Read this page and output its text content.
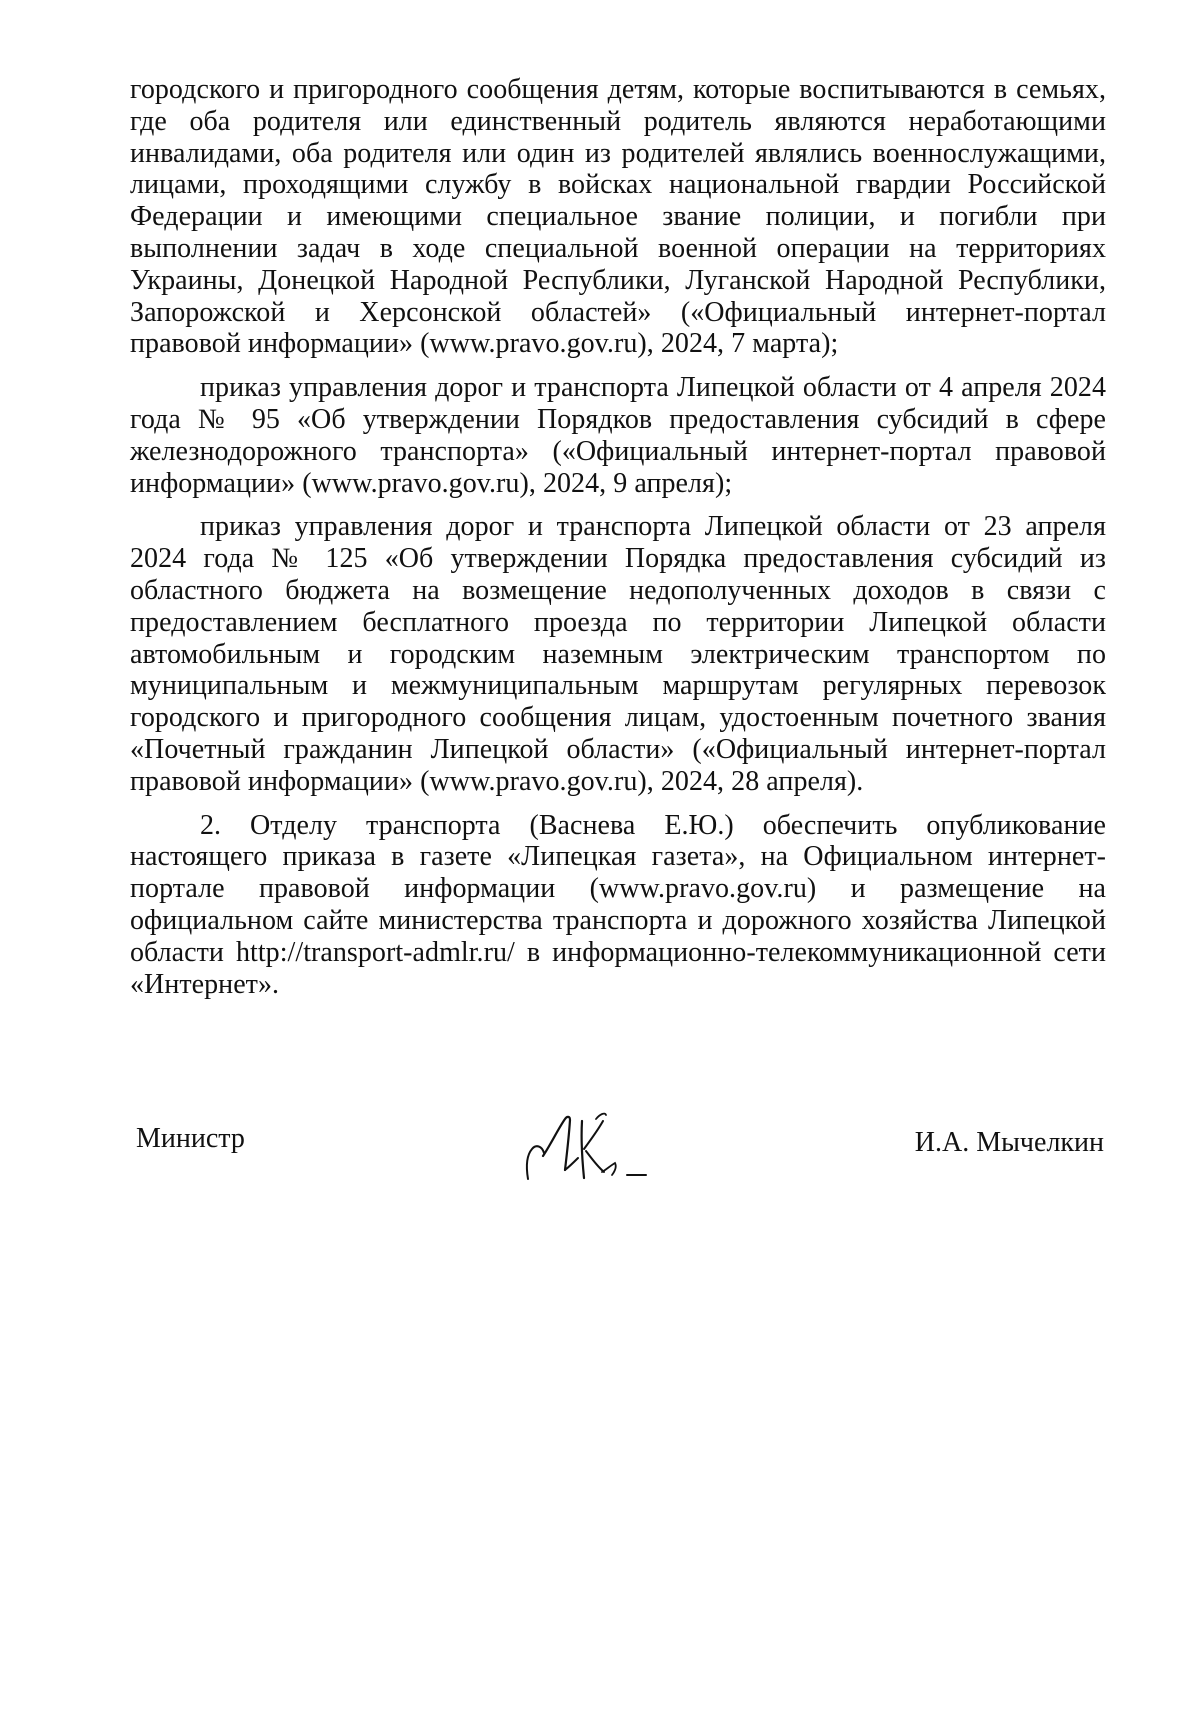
городского и пригородного сообщения детям, которые воспитываются в семьях, где оба родителя или единственный родитель являются неработающими инвалидами, оба родителя или один из родителей являлись военнослужащими, лицами, проходящими службу в войсках национальной гвардии Российской Федерации и имеющими специальное звание полиции, и погибли при выполнении задач в ходе специальной военной операции на территориях Украины, Донецкой Народной Республики, Луганской Народной Республики, Запорожской и Херсонской областей» («Официальный интернет-портал правовой информации» (www.pravo.gov.ru), 2024, 7 марта);

приказ управления дорог и транспорта Липецкой области от 4 апреля 2024 года № 95 «Об утверждении Порядков предоставления субсидий в сфере железнодорожного транспорта» («Официальный интернет-портал правовой информации» (www.pravo.gov.ru), 2024, 9 апреля);

приказ управления дорог и транспорта Липецкой области от 23 апреля 2024 года № 125 «Об утверждении Порядка предоставления субсидий из областного бюджета на возмещение недополученных доходов в связи с предоставлением бесплатного проезда по территории Липецкой области автомобильным и городским наземным электрическим транспортом по муниципальным и межмуниципальным маршрутам регулярных перевозок городского и пригородного сообщения лицам, удостоенным почетного звания «Почетный гражданин Липецкой области» («Официальный интернет-портал правовой информации» (www.pravo.gov.ru), 2024, 28 апреля).

2. Отделу транспорта (Васнева Е.Ю.) обеспечить опубликование настоящего приказа в газете «Липецкая газета», на Официальном интернет-портале правовой информации (www.pravo.gov.ru) и размещение на официальном сайте министерства транспорта и дорожного хозяйства Липецкой области http://transport-admlr.ru/ в информационно-телекоммуникационной сети «Интернет».

Министр	И.А. Мычелкин
